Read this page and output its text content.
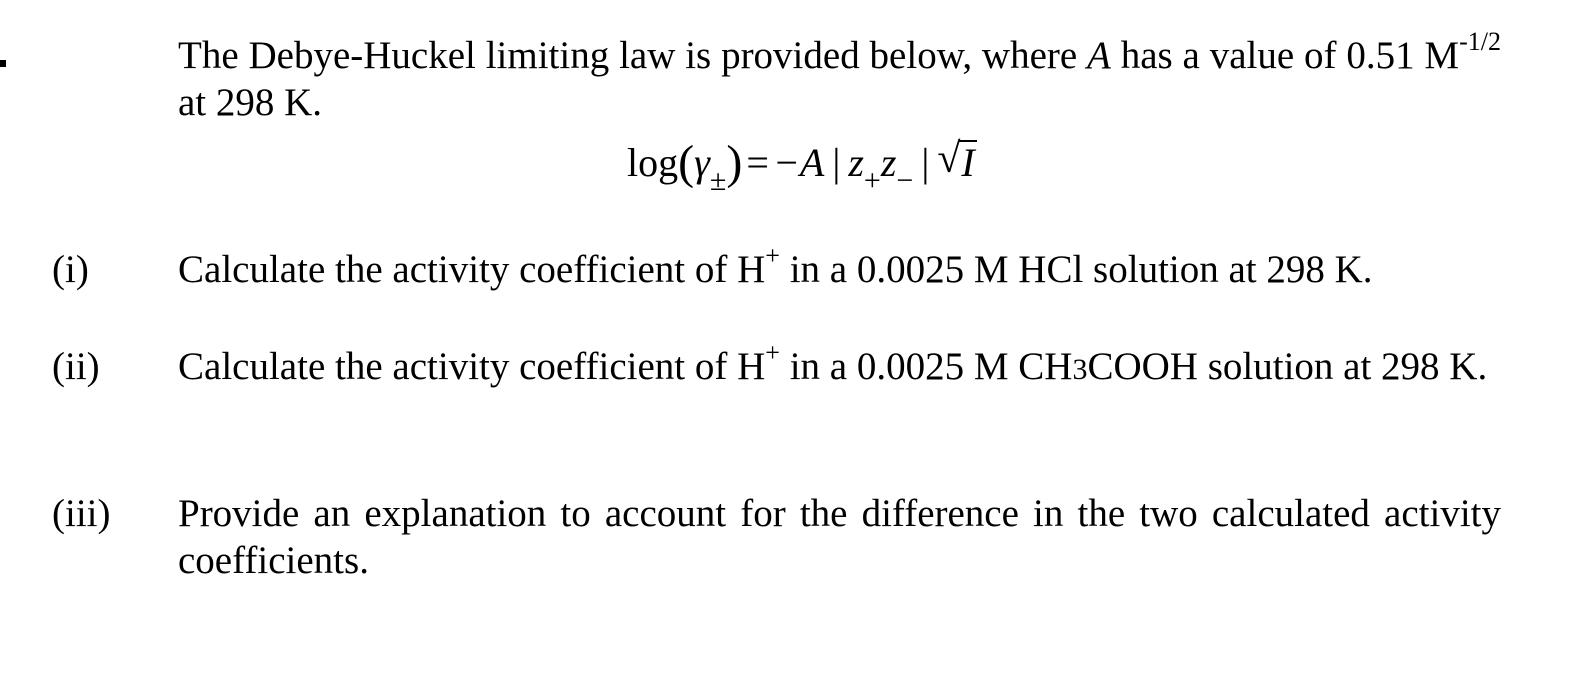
The Debye-Huckel limiting law is provided below, where A has a value of 0.51 $M^{-1/2}$ at 298 K.

$\log(\gamma_\pm) = -A$ | $z_+z_-$ | √ I
(i) Calculate the activity coefficient of H+ in a 0.0025 M HCl solution at 298 K.

(ii) Calculate the activity coefficient of H+ in a 0.0025 M CH3COOH solution at 298 K.

(iii) Provide an explanation to account for the difference in the two calculated activity coefficients.
